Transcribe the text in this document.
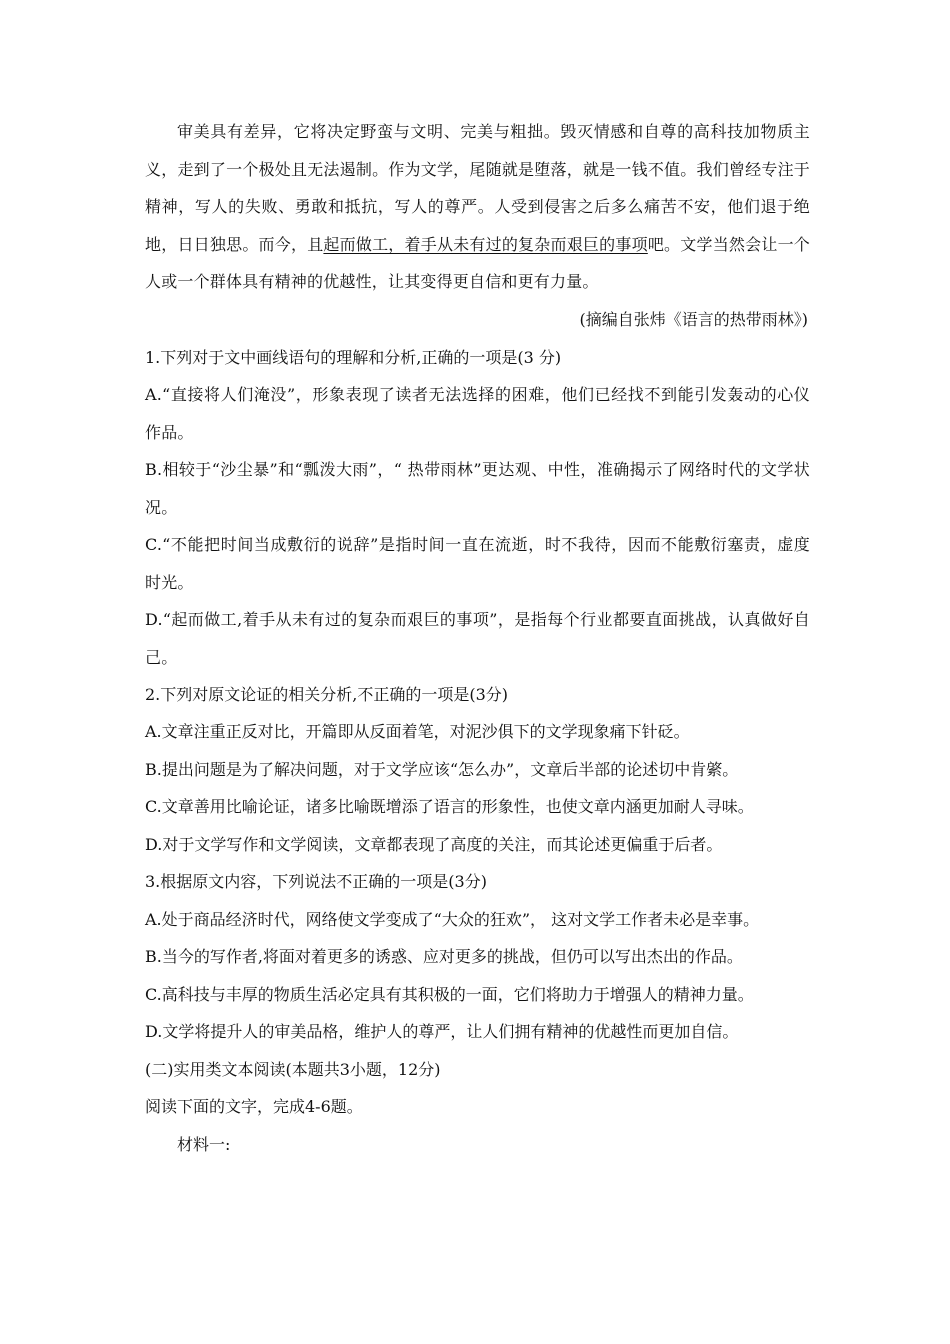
审美具有差异，它将决定野蛮与文明、完美与粗拙。毁灭情感和自尊的高科技加物质主义，走到了一个极处且无法遏制。作为文学，尾随就是堕落，就是一钱不值。我们曾经专注于精神，写人的失败、勇敢和抵抗，写人的尊严。人受到侵害之后多么痛苦不安，他们退于绝地，日日独思。而今，且起而做工，着手从未有过的复杂而艰巨的事项吧。文学当然会让一个人或一个群体具有精神的优越性，让其变得更自信和更有力量。

(摘编自张炜《语言的热带雨林》)
1.下列对于文中画线语句的理解和分析,正确的一项是(3 分)

A.“直接将人们淹没”，形象表现了读者无法选择的困难，他们已经找不到能引发轰动的心仪作品。

B.相较于“沙尘暴”和“瓢泼大雨”，“ 热带雨林”更达观、中性，准确揭示了网络时代的文学状况。

C.“不能把时间当成敷衍的说辞”是指时间一直在流逝，时不我待，因而不能敷衍塞责，虚度时光。

D.“起而做工,着手从未有过的复杂而艰巨的事项”，是指每个行业都要直面挑战，认真做好自己。

2.下列对原文论证的相关分析,不正确的一项是(3分)
A.文章注重正反对比，开篇即从反面着笔，对泥沙俱下的文学现象痛下针砭。
B.提出问题是为了解决问题，对于文学应该“怎么办”，文章后半部的论述切中肯綮。
C.文章善用比喻论证，诸多比喻既增添了语言的形象性，也使文章内涵更加耐人寻味。
D.对于文学写作和文学阅读，文章都表现了高度的关注，而其论述更偏重于后者。
3.根据原文内容，下列说法不正确的一项是(3分)
A.处于商品经济时代，网络使文学变成了“大众的狂欢”， 这对文学工作者未必是幸事。
B.当今的写作者,将面对着更多的诱惑、应对更多的挑战，但仍可以写出杰出的作品。
C.高科技与丰厚的物质生活必定具有其积极的一面，它们将助力于增强人的精神力量。
D.文学将提升人的审美品格，维护人的尊严，让人们拥有精神的优越性而更加自信。
(二)实用类文本阅读(本题共3小题，12分)
阅读下面的文字，完成4-6题。
材料一:
